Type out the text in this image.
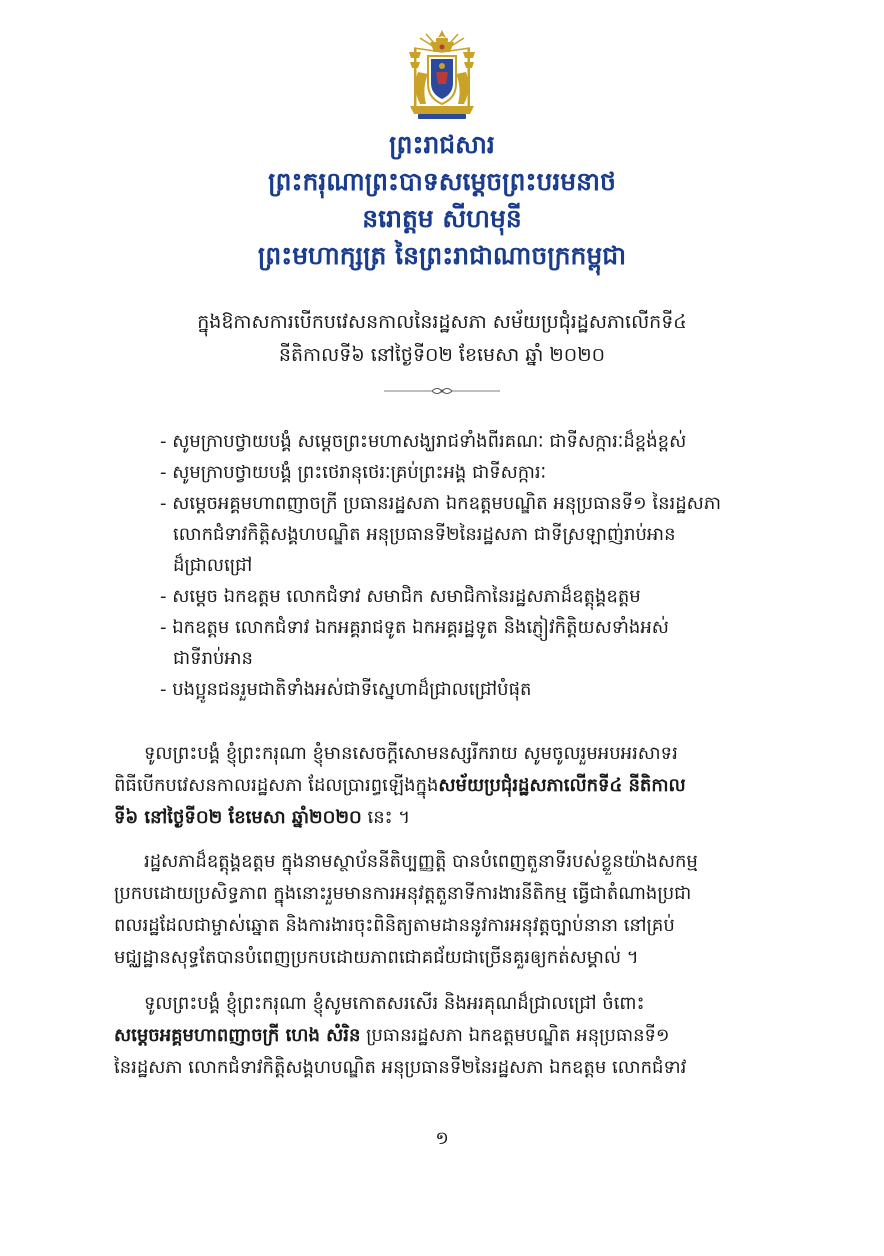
ព្រះរាជសារ
ព្រះករុណាព្រះបាទសម្តេចព្រះបរមនាថ
នរោត្តម សីហមុនី
ព្រះមហាក្សត្រ នៃព្រះរាជាណាចក្រកម្ពុជា
ក្នុងឱកាសការបើកបវេសនកាលនៃរដ្ឋសភា សម័យប្រជុំរដ្ឋសភាលើកទី៤
នីតិកាលទី៦ នៅថ្ងៃទី០២ ខែមេសា ឆ្នាំ ២០២០
- សូមក្រាបថ្វាយបង្គំ សម្តេចព្រះមហាសង្ឃរាជទាំងពីរគណៈ ជាទីសក្ការៈដ៏ខ្ពង់ខ្ពស់
- សូមក្រាបថ្វាយបង្គំ ព្រះថេរានុថេរៈគ្រប់ព្រះអង្គ ជាទីសក្ការៈ
- សម្តេចអគ្គមហាពញាចក្រី ប្រធានរដ្ឋសភា ឯកឧត្តមបណ្ឌិត អនុប្រធានទី១ នៃរដ្ឋសភា
លោកជំទាវកិត្តិសង្គហបណ្ឌិត អនុប្រធានទី២នៃរដ្ឋសភា ជាទីស្រឡាញ់រាប់អាន
ដ៏ជ្រាលជ្រៅ
- សម្តេច ឯកឧត្តម លោកជំទាវ សមាជិក សមាជិកានៃរដ្ឋសភាដ៏ឧត្តុង្គឧត្តម
- ឯកឧត្តម លោកជំទាវ ឯកអគ្គរាជទូត ឯកអគ្គរដ្ឋទូត និងភ្ញៀវកិត្តិយសទាំងអស់
ជាទីរាប់អាន
- បងប្អូនជនរួមជាតិទាំងអស់ជាទីស្នេហាដ៏ជ្រាលជ្រៅបំផុត
ទូលព្រះបង្គំ ខ្ញុំព្រះករុណា ខ្ញុំមានសេចក្តីសោមនស្សរីករាយ សូមចូលរួមអបអរសាទរ
ពិធីបើកបវេសនកាលរដ្ឋសភា ដែលប្រារព្ធឡើងក្នុងសម័យប្រជុំរដ្ឋសភាលើកទី៤ នីតិកាល
ទី៦ នៅថ្ងៃទី០២ ខែមេសា ឆ្នាំ២០២០ នេះ ។
រដ្ឋសភាដ៏ឧត្តុង្គឧត្តម ក្នុងនាមស្ថាប័ននីតិប្បញ្ញត្តិ បានបំពេញតួនាទីរបស់ខ្លួនយ៉ាងសកម្ម
ប្រកបដោយប្រសិទ្ធភាព ក្នុងនោះរួមមានការអនុវត្តតួនាទីការងារនីតិកម្ម ធ្វើជាតំណាងប្រជា
ពលរដ្ឋដែលជាម្ចាស់ឆ្នោត និងការងារចុះពិនិត្យតាមដាននូវការអនុវត្តច្បាប់នានា នៅគ្រប់
មជ្ឈដ្ឋានសុទ្ធតែបានបំពេញប្រកបដោយភាពជោគជ័យជាច្រើនគួរឲ្យកត់សម្គាល់ ។
ទូលព្រះបង្គំ ខ្ញុំព្រះករុណា ខ្ញុំសូមកោតសរសើរ និងអរគុណដ៏ជ្រាលជ្រៅ ចំពោះ
សម្តេចអគ្គមហាពញាចក្រី ហេង សំរិន ប្រធានរដ្ឋសភា ឯកឧត្តមបណ្ឌិត អនុប្រធានទី១
នៃរដ្ឋសភា លោកជំទាវកិត្តិសង្គហបណ្ឌិត អនុប្រធានទី២នៃរដ្ឋសភា ឯកឧត្តម លោកជំទាវ
១
